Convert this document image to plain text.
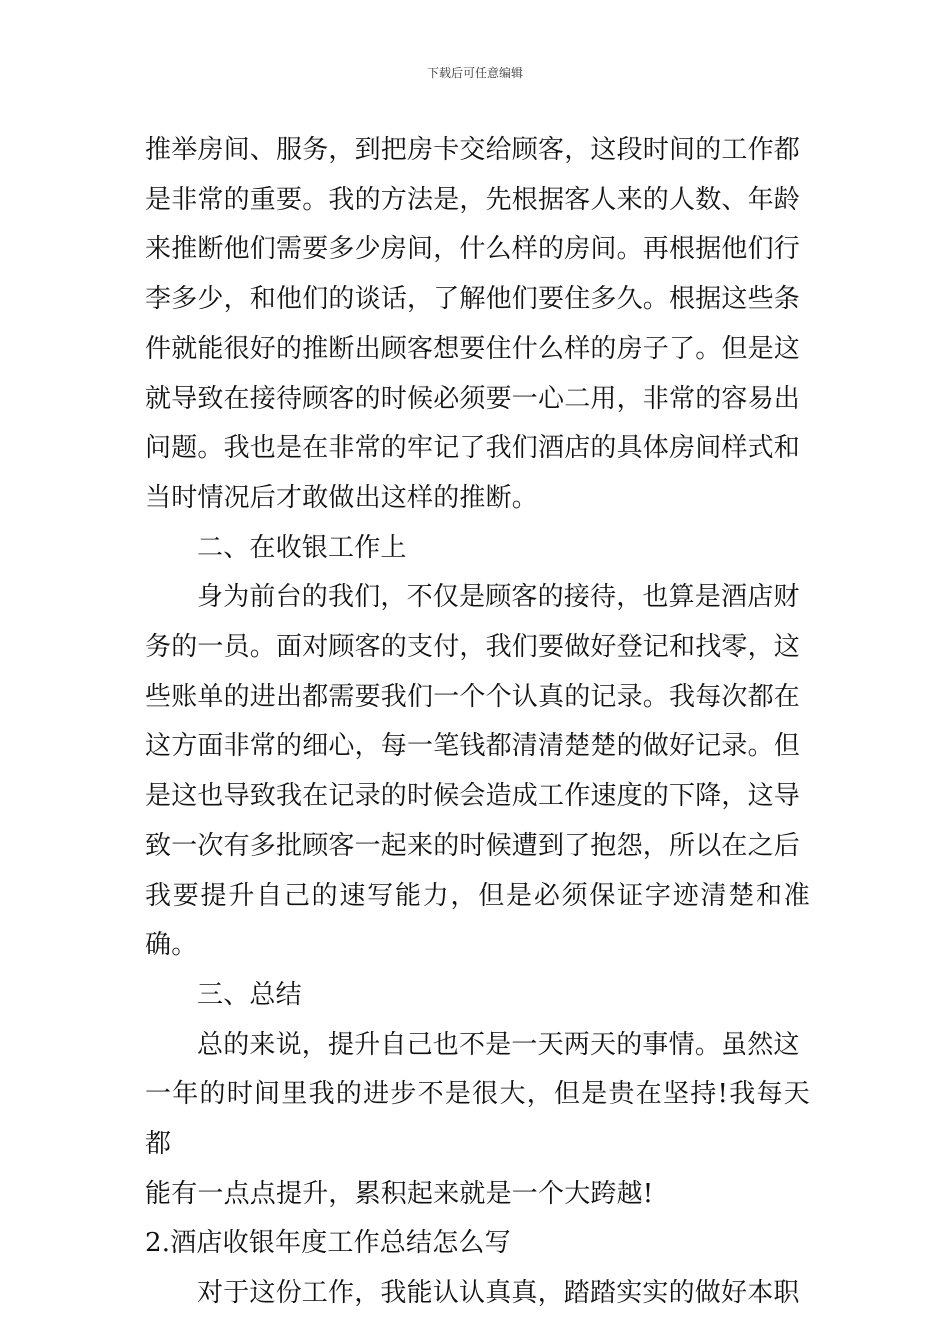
下载后可任意编辑

推举房间、服务，到把房卡交给顾客，这段时间的工作都
是非常的重要。我的方法是，先根据客人来的人数、年龄
来推断他们需要多少房间，什么样的房间。再根据他们行
李多少，和他们的谈话，了解他们要住多久。根据这些条
件就能很好的推断出顾客想要住什么样的房子了。但是这
就导致在接待顾客的时候必须要一心二用，非常的容易出
问题。我也是在非常的牢记了我们酒店的具体房间样式和
当时情况后才敢做出这样的推断。

二、在收银工作上

身为前台的我们，不仅是顾客的接待，也算是酒店财
务的一员。面对顾客的支付，我们要做好登记和找零，这
些账单的进出都需要我们一个个认真的记录。我每次都在
这方面非常的细心，每一笔钱都清清楚楚的做好记录。但
是这也导致我在记录的时候会造成工作速度的下降，这导
致一次有多批顾客一起来的时候遭到了抱怨，所以在之后
我要提升自己的速写能力，但是必须保证字迹清楚和准确。

三、总结

总的来说，提升自己也不是一天两天的事情。虽然这
一年的时间里我的进步不是很大，但是贵在坚持!我每天都
能有一点点提升，累积起来就是一个大跨越!

2.酒店收银年度工作总结怎么写

对于这份工作，我能认认真真，踏踏实实的做好本职
